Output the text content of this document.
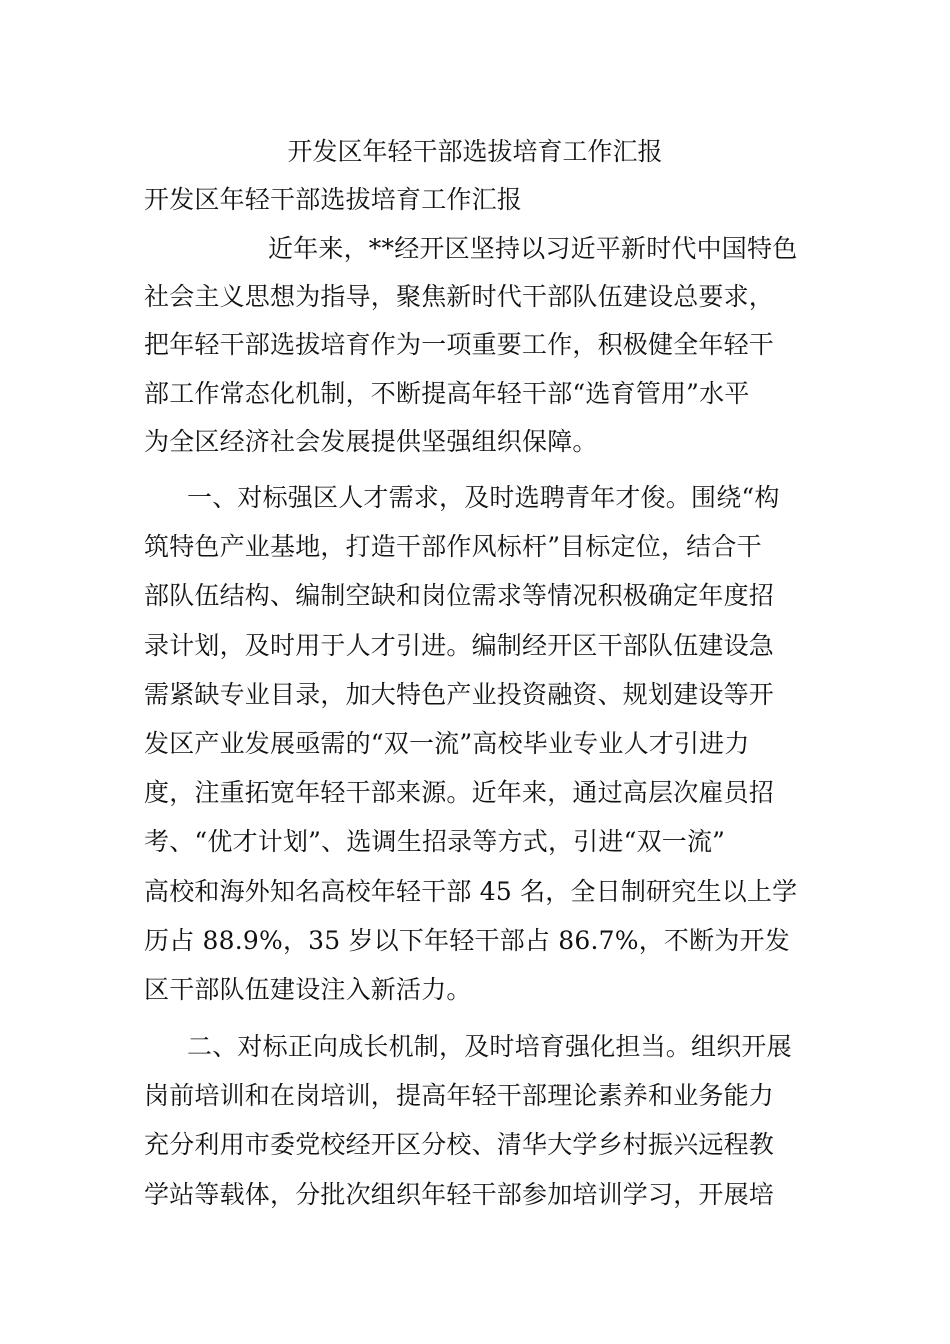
开发区年轻干部选拔培育工作汇报
开发区年轻干部选拔培育工作汇报
近年来，**经开区坚持以习近平新时代中国特色
社会主义思想为指导，聚焦新时代干部队伍建设总要求，
把年轻干部选拔培育作为一项重要工作，积极健全年轻干
部工作常态化机制，不断提高年轻干部“选育管用”水平
为全区经济社会发展提供坚强组织保障。
一、对标强区人才需求，及时选聘青年才俊。围绕“构
筑特色产业基地，打造干部作风标杆”目标定位，结合干
部队伍结构、编制空缺和岗位需求等情况积极确定年度招
录计划，及时用于人才引进。编制经开区干部队伍建设急
需紧缺专业目录，加大特色产业投资融资、规划建设等开
发区产业发展亟需的“双一流”高校毕业专业人才引进力
度，注重拓宽年轻干部来源。近年来，通过高层次雇员招
考、“优才计划”、选调生招录等方式，引进“双一流”
高校和海外知名高校年轻干部 45 名，全日制研究生以上学
历占 88.9%，35 岁以下年轻干部占 86.7%，不断为开发
区干部队伍建设注入新活力。
二、对标正向成长机制，及时培育强化担当。组织开展
岗前培训和在岗培训，提高年轻干部理论素养和业务能力
充分利用市委党校经开区分校、清华大学乡村振兴远程教
学站等载体，分批次组织年轻干部参加培训学习，开展培
